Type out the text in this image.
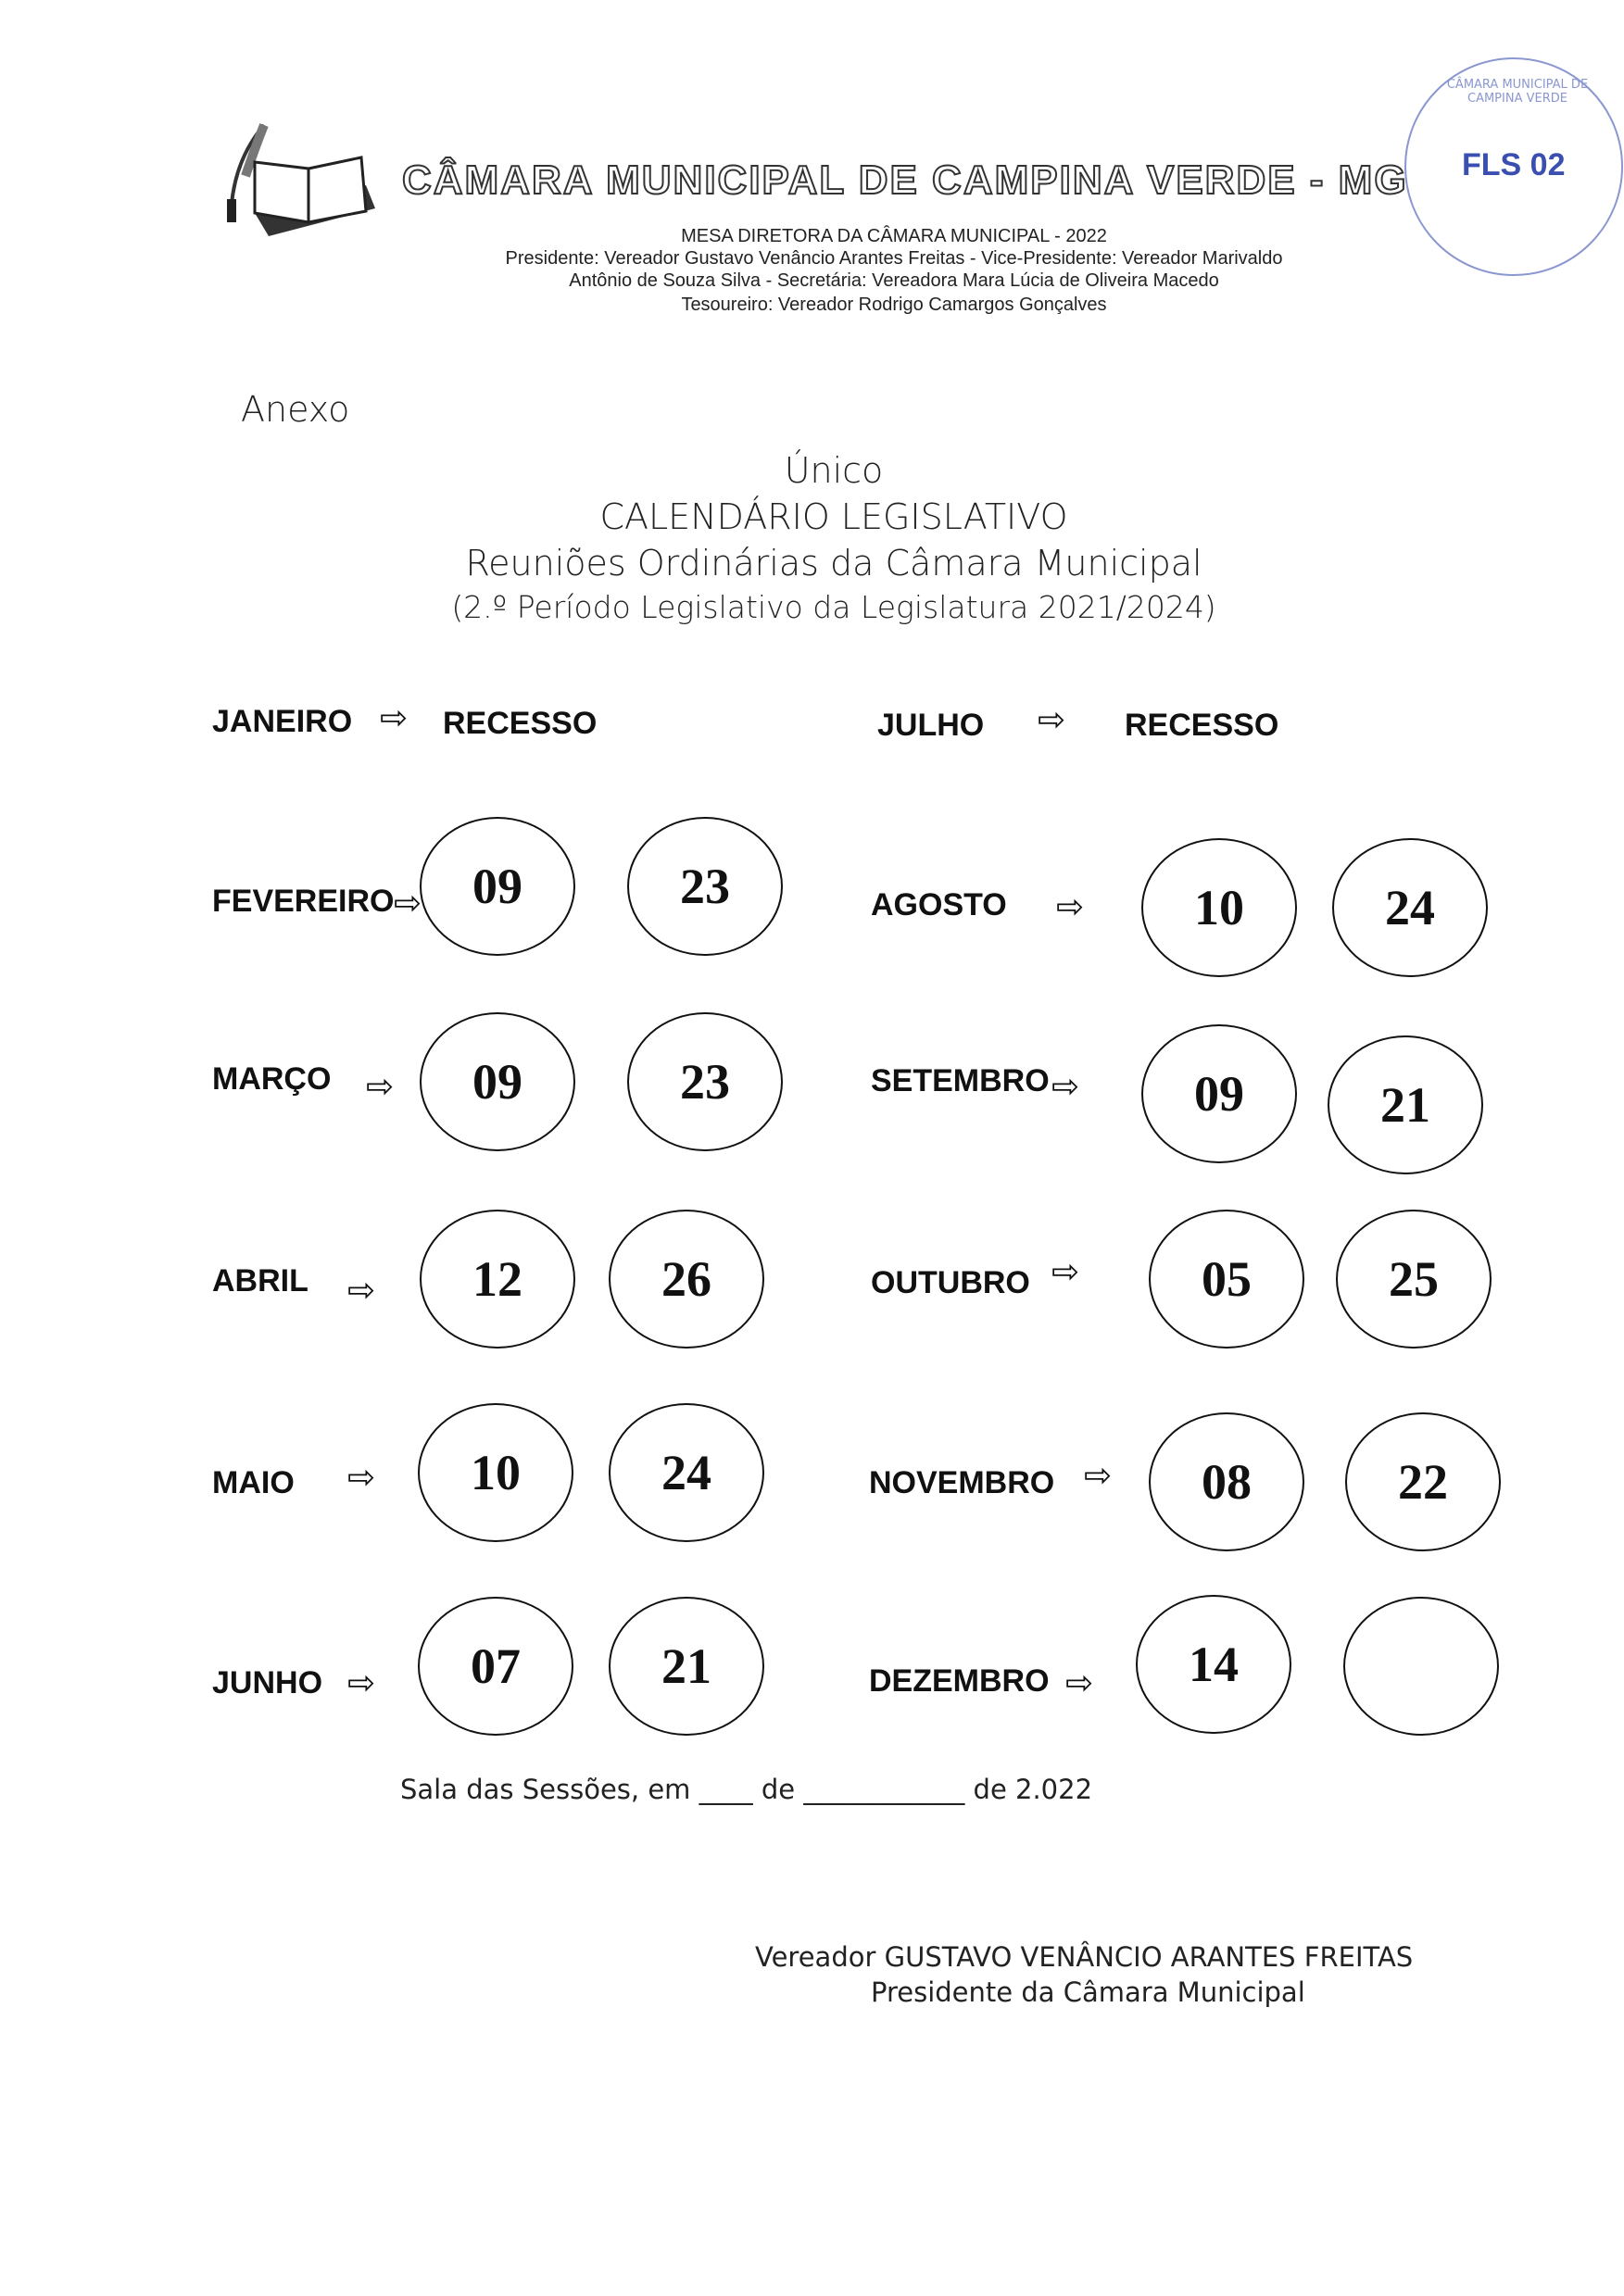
CÂMARA MUNICIPAL DE CAMPINA VERDE - MG
MESA DIRETORA DA CÂMARA MUNICIPAL - 2022
Presidente: Vereador Gustavo Venâncio Arantes Freitas - Vice-Presidente: Vereador Marivaldo
Antônio de Souza Silva - Secretária: Vereadora Mara Lúcia de Oliveira Macedo
Tesoureiro: Vereador Rodrigo Camargos Gonçalves
CÂMARA MUNICIPAL DE CAMPINA VERDE
FLS 02
Anexo
Único
CALENDÁRIO LEGISLATIVO
Reuniões Ordinárias da Câmara Municipal
(2.º Período Legislativo da Legislatura 2021/2024)
JANEIRO ⇨ RECESSO
FEVEREIRO ⇨	09	23
MARÇO ⇨	09	23
ABRIL ⇨	12	26
MAIO ⇨	10	24
JUNHO ⇨	07	21
JULHO ⇨ RECESSO
AGOSTO ⇨	10	24
SETEMBRO ⇨	09	21
OUTUBRO ⇨	05	25
NOVEMBRO ⇨	08	22
DEZEMBRO ⇨	14
Sala das Sessões, em ____ de ____________ de 2.022
Vereador GUSTAVO VENÂNCIO ARANTES FREITAS
Presidente da Câmara Municipal
